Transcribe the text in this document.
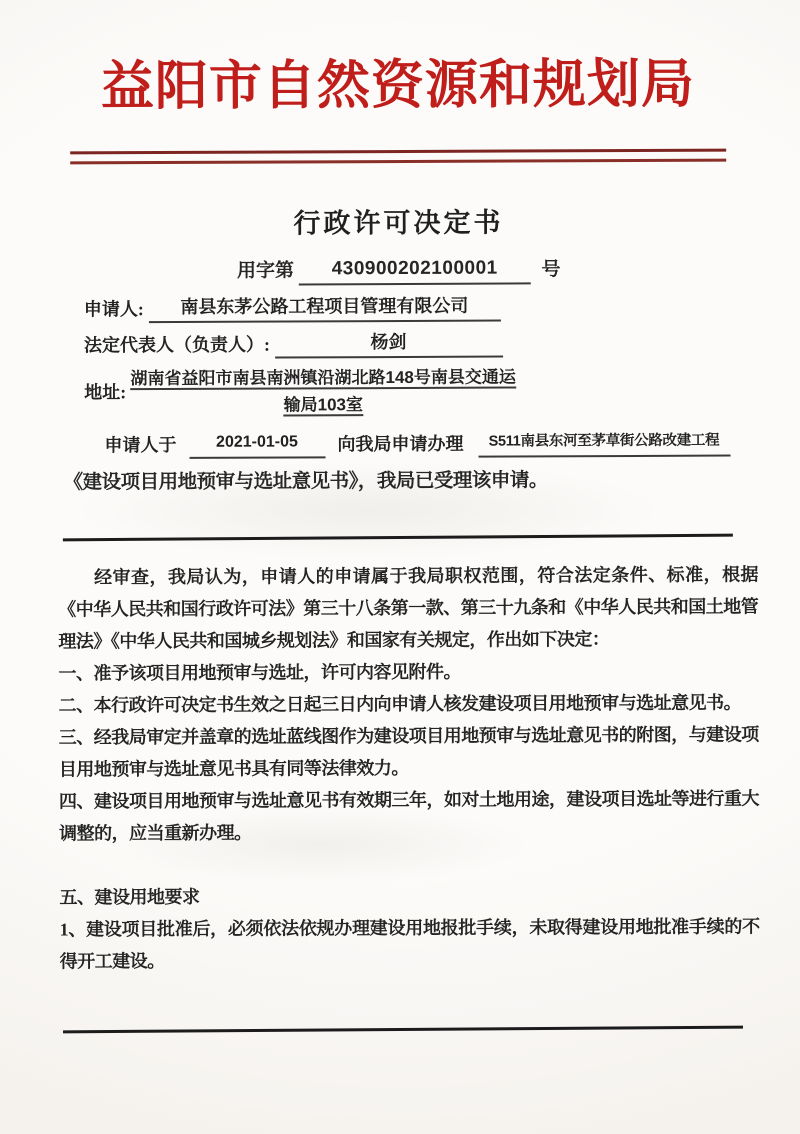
益阳市自然资源和规划局
行政许可决定书
用字第 430900202100001 号
申请人: 南县东茅公路工程项目管理有限公司
法定代表人（负责人）:	杨剑
地址:
湖南省益阳市南县南洲镇沿湖北路148号南县交通运输局103室
申请人于 2021-01-05 向我局申请办理 S511南县东河至茅草街公路改建工程
《建设项目用地预审与选址意见书》，我局已受理该申请。

经审查，我局认为，申请人的申请属于我局职权范围，符合法定条件、标准，根据《中华人民共和国行政许可法》第三十八条第一款、第三十九条和《中华人民共和国土地管理法》《中华人民共和国城乡规划法》和国家有关规定，作出如下决定：

一、准予该项目用地预审与选址，许可内容见附件。

二、本行政许可决定书生效之日起三日内向申请人核发建设项目用地预审与选址意见书。

三、经我局审定并盖章的选址蓝线图作为建设项目用地预审与选址意见书的附图，与建设项目用地预审与选址意见书具有同等法律效力。

四、建设项目用地预审与选址意见书有效期三年，如对土地用途，建设项目选址等进行重大调整的，应当重新办理。

五、建设用地要求

1、建设项目批准后，必须依法依规办理建设用地报批手续，未取得建设用地批准手续的不得开工建设。
